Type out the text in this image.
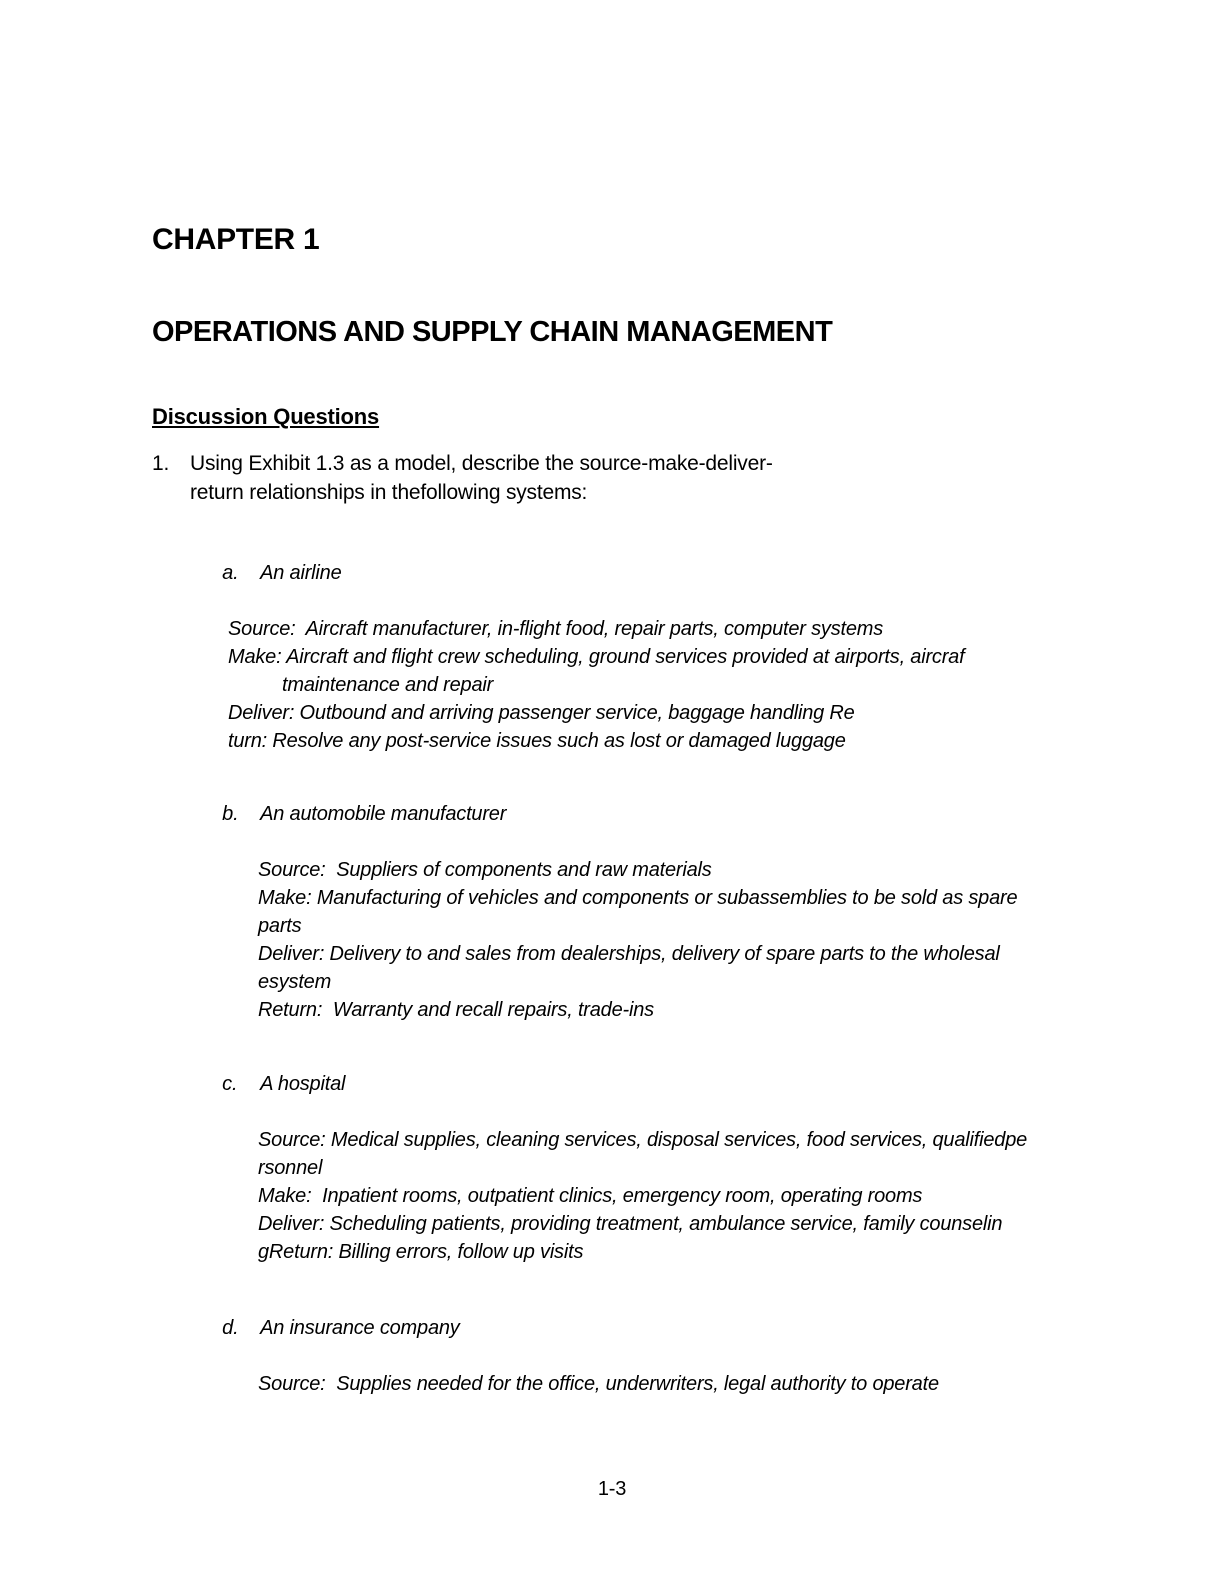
CHAPTER 1
OPERATIONS AND SUPPLY CHAIN MANAGEMENT
Discussion Questions
1. Using Exhibit 1.3 as a model, describe the source-make-deliver-
return relationships in thefollowing systems:

a. An airline

Source:  Aircraft manufacturer, in-flight food, repair parts, computer systems
Make: Aircraft and flight crew scheduling, ground services provided at airports, aircraf
tmaintenance and repair
Deliver: Outbound and arriving passenger service, baggage handling Re
turn: Resolve any post-service issues such as lost or damaged luggage

b. An automobile manufacturer

Source:  Suppliers of components and raw materials
Make: Manufacturing of vehicles and components or subassemblies to be sold as spare
parts
Deliver: Delivery to and sales from dealerships, delivery of spare parts to the wholesal
esystem
Return:  Warranty and recall repairs, trade-ins

c. A hospital

Source: Medical supplies, cleaning services, disposal services, food services, qualifiedpe
rsonnel
Make:  Inpatient rooms, outpatient clinics, emergency room, operating rooms
Deliver: Scheduling patients, providing treatment, ambulance service, family counselin
gReturn: Billing errors, follow up visits

d. An insurance company

Source:  Supplies needed for the office, underwriters, legal authority to operate
1-3
